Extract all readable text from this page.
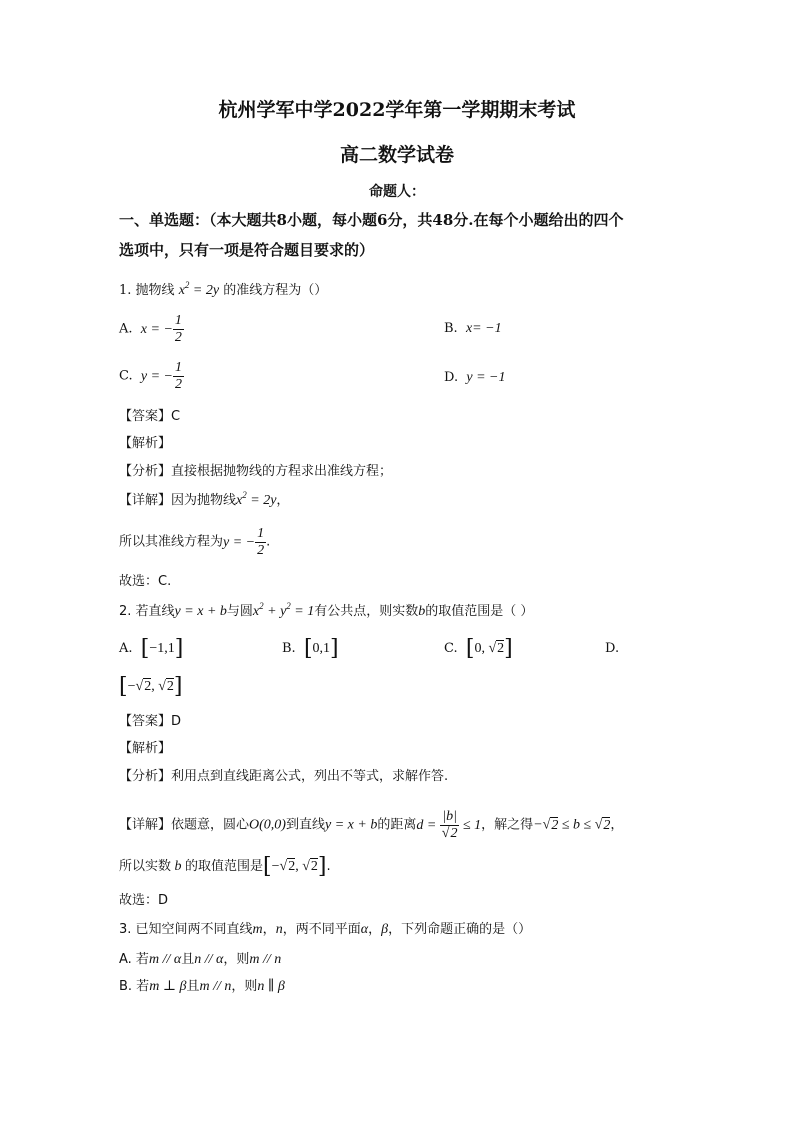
杭州学军中学2022学年第一学期期末考试
高二数学试卷
命题人：
一、单选题：（本大题共8小题，每小题6分，共48分.在每个小题给出的四个
选项中，只有一项是符合题目要求的）
1. 抛物线 $x^2 = 2y$ 的准线方程为（）
A. x = − $\frac{1}{2}$	B. x= −1
C. y = − $\frac{1}{2}$	D. y = −1
【答案】C
【解析】
【分析】直接根据抛物线的方程求出准线方程；
【详解】因为抛物线$x^2 = 2y$，
所以其准线方程为y = − $\frac{1}{2}$ .
故选：C.
2. 若直线y = x + b与圆$x^2 + y^2 = 1$有公共点，则实数b的取值范围是（ ）
A. [−1,1]	B. [0,1]	C. [0, √2]	D.
[−√2, √2]
【答案】D
【解析】
【分析】利用点到直线距离公式，列出不等式，求解作答.
【详解】依题意，圆心O(0,0)到直线y = x + b的距离$d = \frac{|b|}{√2} \le 1$，解之得−√2 ≤ b ≤ √2，
所以实数 b 的取值范围是[−√2, √2].
故选：D
3. 已知空间两不同直线m，n，两不同平面α，β，下列命题正确的是（）
A. 若m // α且n // α，则m // n
B. 若m ⊥ β且m // n，则n ∥ β
